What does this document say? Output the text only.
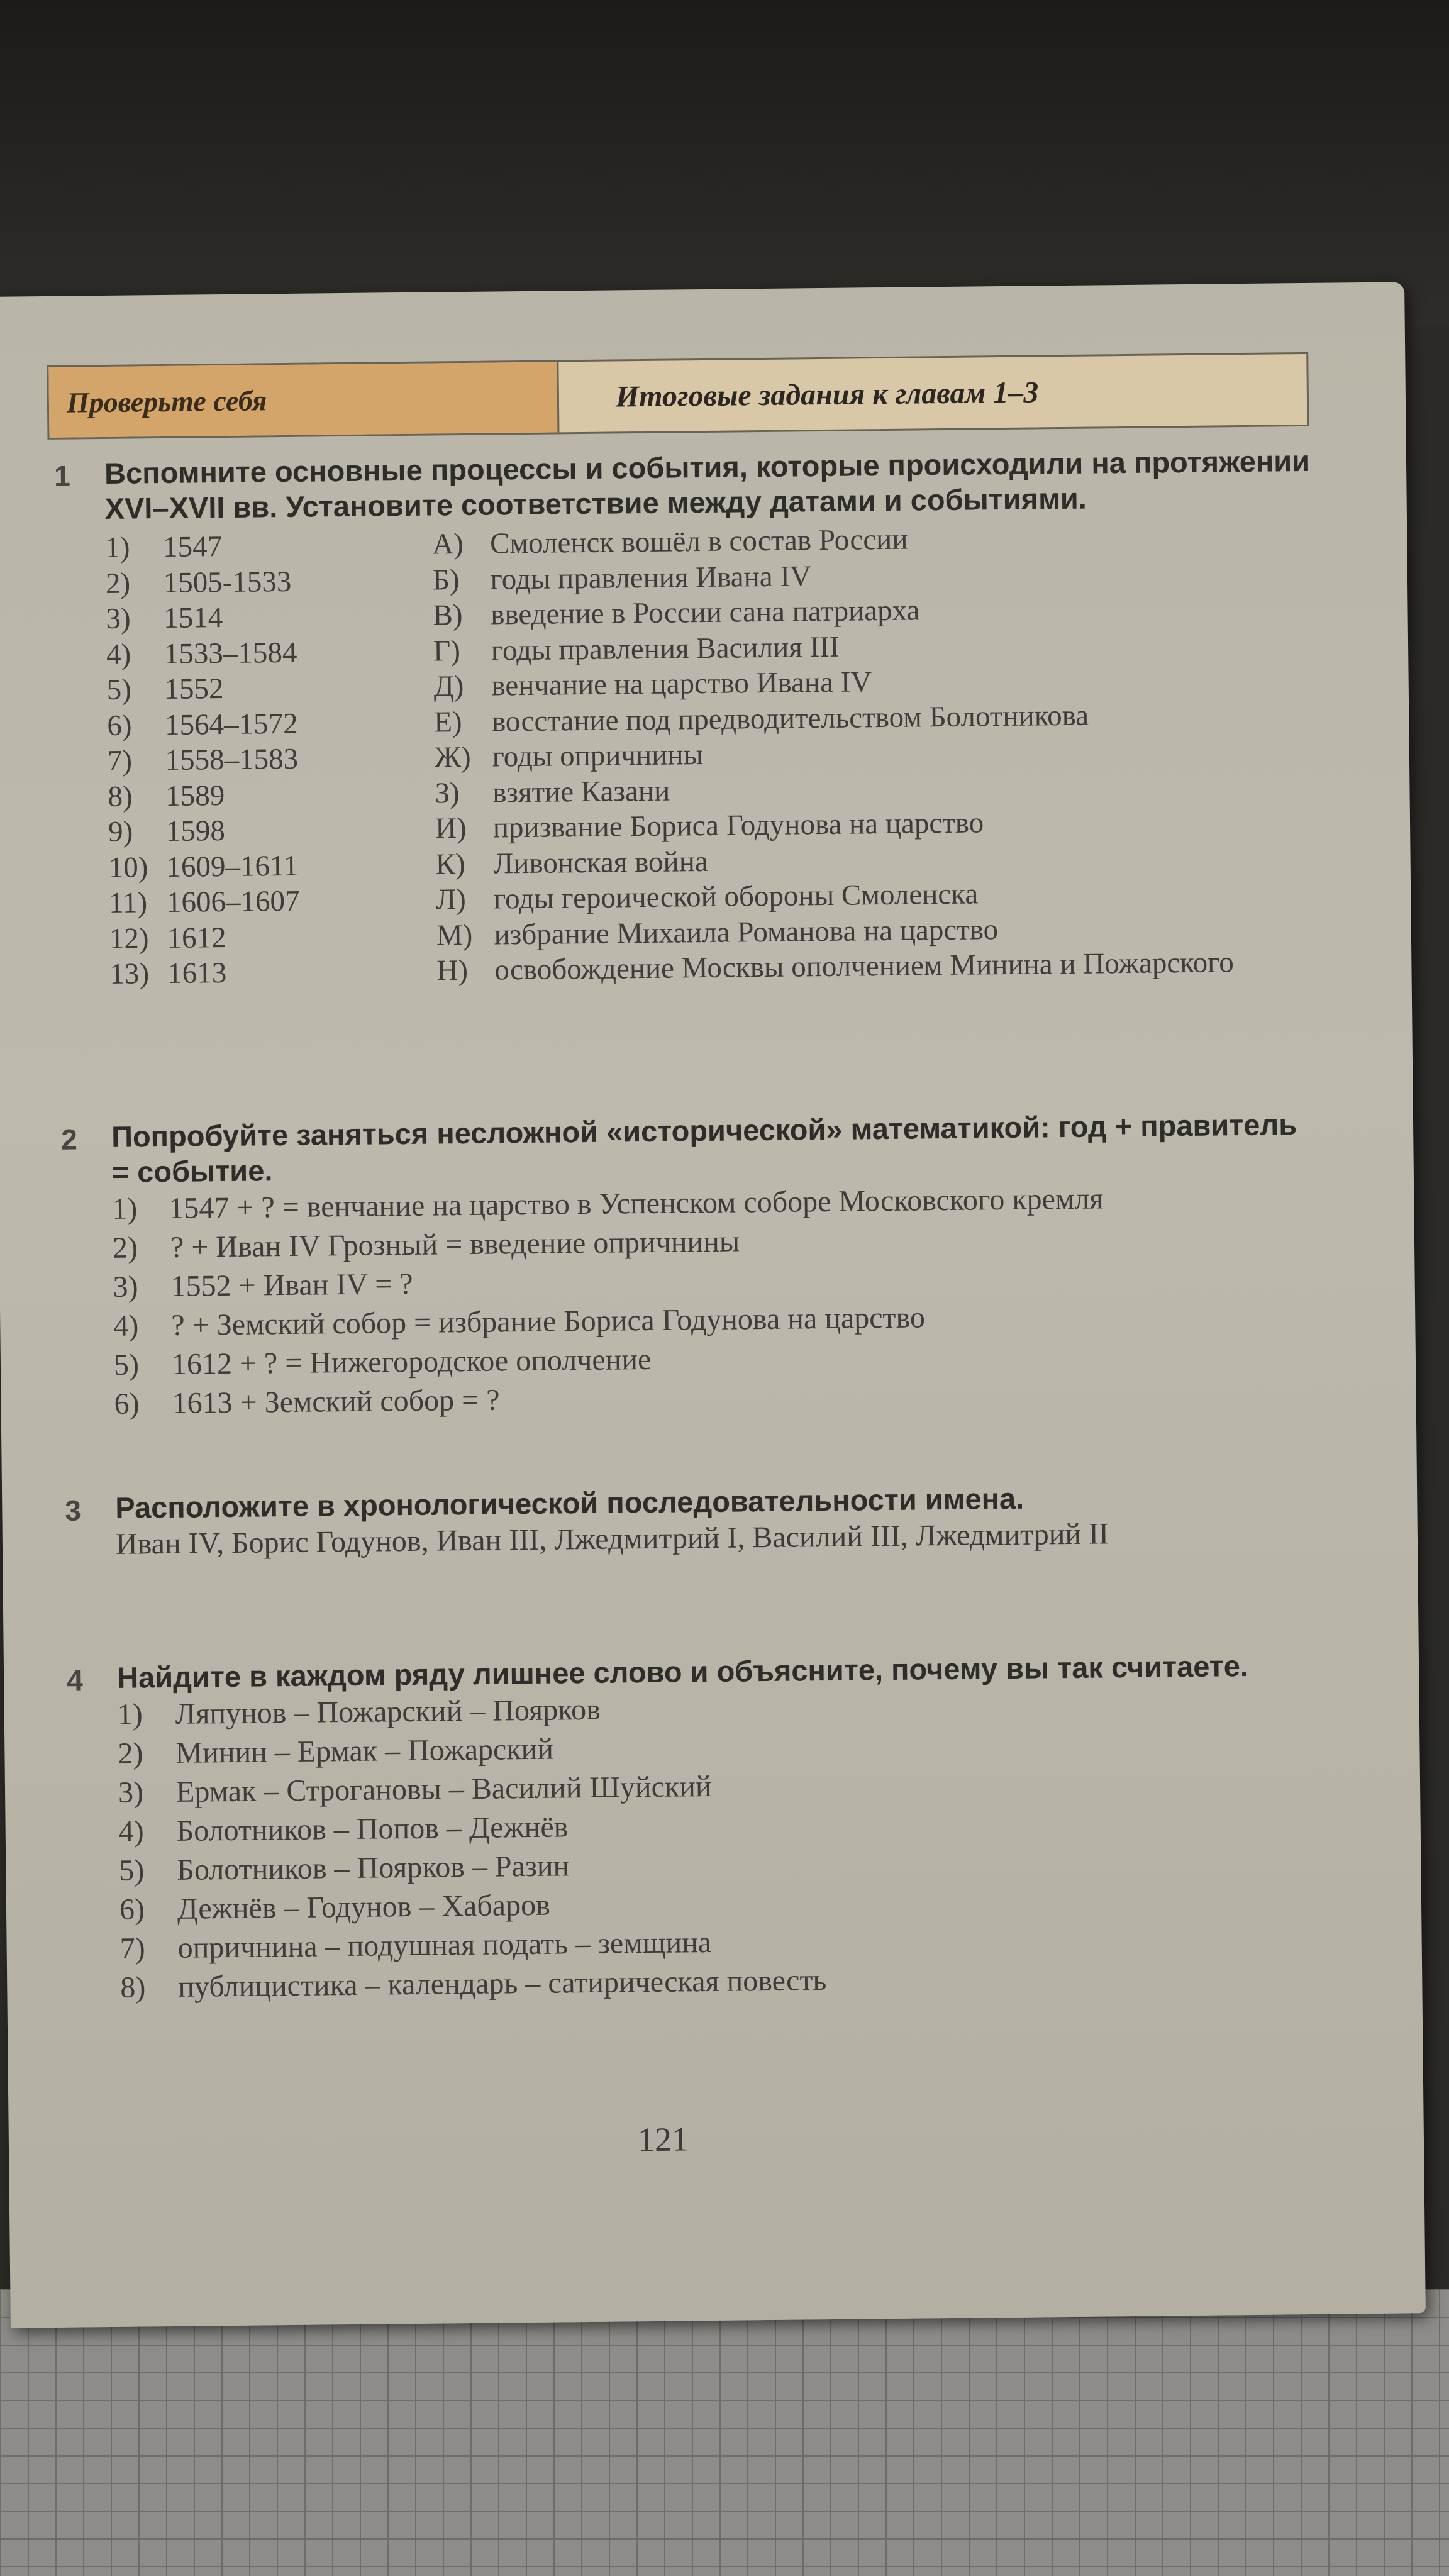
Проверьте себя	Итоговые задания к главам 1–3
1 Вспомните основные процессы и события, которые происходили на протяжении XVI–XVII вв. Установите соответствие между датами и событиями.
1) 1547
2) 1505-1533
3) 1514
4) 1533–1584
5) 1552
6) 1564–1572
7) 1558–1583
8) 1589
9) 1598
10) 1609–1611
11) 1606–1607
12) 1612
13) 1613
А) Смоленск вошёл в состав России
Б) годы правления Ивана IV
В) введение в России сана патриарха
Г) годы правления Василия III
Д) венчание на царство Ивана IV
Е) восстание под предводительством Болотникова
Ж) годы опричнины
З) взятие Казани
И) призвание Бориса Годунова на царство
К) Ливонская война
Л) годы героической обороны Смоленска
М) избрание Михаила Романова на царство
Н) освобождение Москвы ополчением Минина и Пожарского
2 Попробуйте заняться несложной «исторической» математикой: год + правитель = событие.
1)	1547 + ? = венчание на царство в Успенском соборе Московского кремля
2) ? + Иван IV Грозный = введение опричнины
3) 1552 + Иван IV = ?
4) ? + Земский собор = избрание Бориса Годунова на царство
5) 1612 + ? = Нижегородское ополчение
6) 1613 + Земский собор = ?
3 Расположите в хронологической последовательности имена.
Иван IV, Борис Годунов, Иван III, Лжедмитрий I, Василий III, Лжедмитрий II
4 Найдите в каждом ряду лишнее слово и объясните, почему вы так считаете.
1) Ляпунов – Пожарский – Поярков
2) Минин – Ермак – Пожарский
3) Ермак – Строгановы – Василий Шуйский
4) Болотников – Попов – Дежнёв
5) Болотников – Поярков – Разин
6) Дежнёв – Годунов – Хабаров
7) опричнина – подушная подать – земщина
8) публицистика – календарь – сатирическая повесть
121
